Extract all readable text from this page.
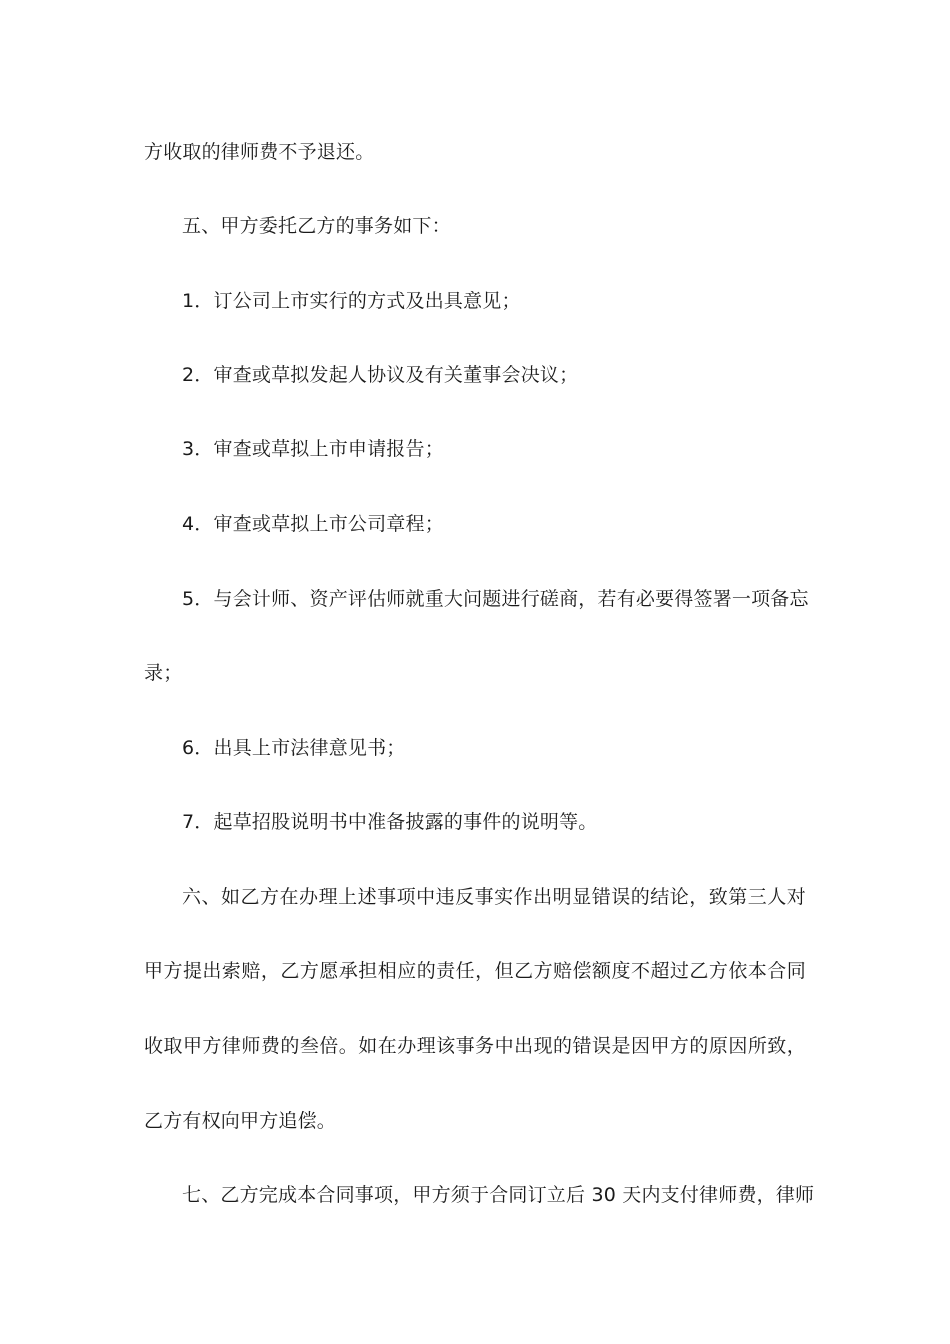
方收取的律师费不予退还。
五、甲方委托乙方的事务如下：
1．订公司上市实行的方式及出具意见；
2．审查或草拟发起人协议及有关董事会决议；
3．审查或草拟上市申请报告；
4．审查或草拟上市公司章程；
5．与会计师、资产评估师就重大问题进行磋商，若有必要得签署一项备忘
录；
6．出具上市法律意见书；
7．起草招股说明书中准备披露的事件的说明等。
六、如乙方在办理上述事项中违反事实作出明显错误的结论，致第三人对
甲方提出索赔，乙方愿承担相应的责任，但乙方赔偿额度不超过乙方依本合同
收取甲方律师费的叁倍。如在办理该事务中出现的错误是因甲方的原因所致，
乙方有权向甲方追偿。
七、乙方完成本合同事项，甲方须于合同订立后 30 天内支付律师费，律师
